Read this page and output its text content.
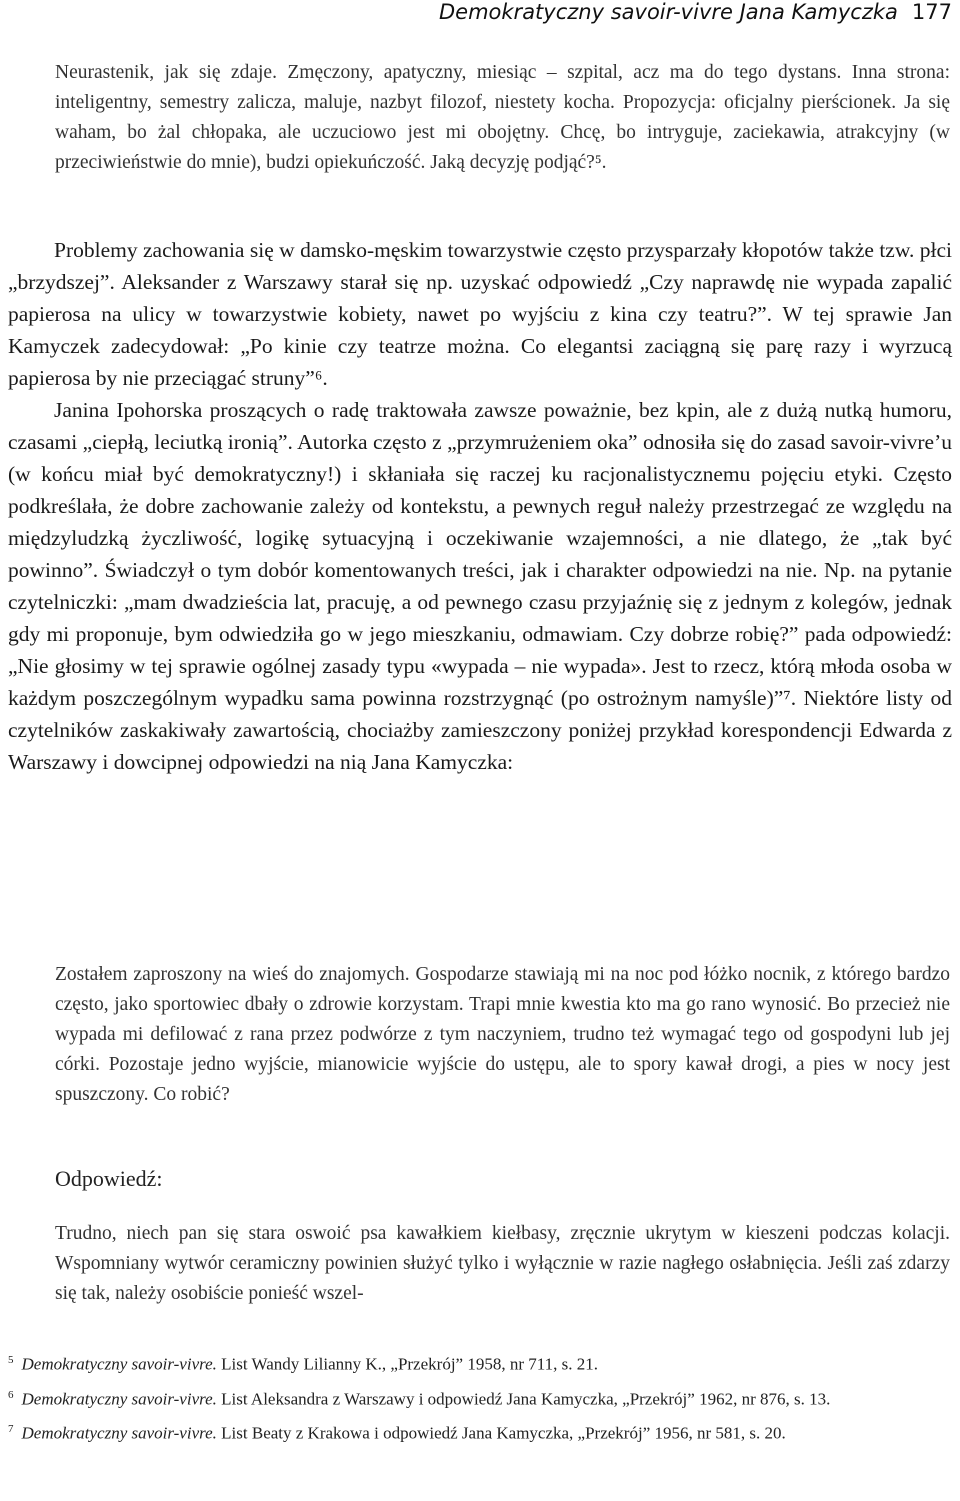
Demokratyczny savoir-vivre Jana Kamyczka 177

Neurastenik, jak się zdaje. Zmęczony, apatyczny, miesiąc – szpital, acz ma do tego dystans. Inna strona: inteligentny, semestry zalicza, maluje, nazbyt filozof, niestety kocha. Propozycja: oficjalny pierścionek. Ja się waham, bo żal chłopaka, ale uczuciowo jest mi obojętny. Chcę, bo intryguje, zaciekawia, atrakcyjny (w przeciwieństwie do mnie), budzi opiekuńczość. Jaką decyzję podjąć?⁵.

Problemy zachowania się w damsko-męskim towarzystwie często przysparzały kłopotów także tzw. płci „brzydszej”. Aleksander z Warszawy starał się np. uzyskać odpowiedź „Czy naprawdę nie wypada zapalić papierosa na ulicy w towarzystwie kobiety, nawet po wyjściu z kina czy teatru?”. W tej sprawie Jan Kamyczek zadecydował: „Po kinie czy teatrze można. Co elegantsi zaciągną się parę razy i wyrzucą papierosa by nie przeciągać struny”⁶.

Janina Ipohorska proszących o radę traktowała zawsze poważnie, bez kpin, ale z dużą nutką humoru, czasami „ciepłą, leciutką ironią”. Autorka często z „przymrużeniem oka” odnosiła się do zasad savoir-vivre’u (w końcu miał być demokratyczny!) i skłaniała się raczej ku racjonalistycznemu pojęciu etyki. Często podkreślała, że dobre zachowanie zależy od kontekstu, a pewnych reguł należy przestrzegać ze względu na międzyludzką życzliwość, logikę sytuacyjną i oczekiwanie wzajemności, a nie dlatego, że „tak być powinno”. Świadczył o tym dobór komentowanych treści, jak i charakter odpowiedzi na nie. Np. na pytanie czytelniczki: „mam dwadzieścia lat, pracuję, a od pewnego czasu przyjaźnię się z jednym z kolegów, jednak gdy mi proponuje, bym odwiedziła go w jego mieszkaniu, odmawiam. Czy dobrze robię?” pada odpowiedź: „Nie głosimy w tej sprawie ogólnej zasady typu «wypada – nie wypada». Jest to rzecz, którą młoda osoba w każdym poszczególnym wypadku sama powinna rozstrzygnąć (po ostrożnym namyśle)”⁷. Niektóre listy od czytelników zaskakiwały zawartością, chociażby zamieszczony poniżej przykład korespondencji Edwarda z Warszawy i dowcipnej odpowiedzi na nią Jana Kamyczka:

Zostałem zaproszony na wieś do znajomych. Gospodarze stawiają mi na noc pod łóżko nocnik, z którego bardzo często, jako sportowiec dbały o zdrowie korzystam. Trapi mnie kwestia kto ma go rano wynosić. Bo przecież nie wypada mi defilować z rana przez podwórze z tym naczyniem, trudno też wymagać tego od gospodyni lub jej córki. Pozostaje jedno wyjście, mianowicie wyjście do ustępu, ale to spory kawał drogi, a pies w nocy jest spuszczony. Co robić?

Odpowiedź:

Trudno, niech pan się stara oswoić psa kawałkiem kiełbasy, zręcznie ukrytym w kieszeni podczas kolacji. Wspomniany wytwór ceramiczny powinien służyć tylko i wyłącznie w razie nagłego osłabnięcia. Jeśli zaś zdarzy się tak, należy osobiście ponieść wszel-

$^5$ Demokratyczny savoir-vivre. List Wandy Lilianny K., „Przekrój” 1958, nr 711, s. 21.

$^6$ Demokratyczny savoir-vivre. List Aleksandra z Warszawy i odpowiedź Jana Kamyczka, „Przekrój” 1962, nr 876, s. 13.

$^7$ Demokratyczny savoir-vivre. List Beaty z Krakowa i odpowiedź Jana Kamyczka, „Przekrój” 1956, nr 581, s. 20.
